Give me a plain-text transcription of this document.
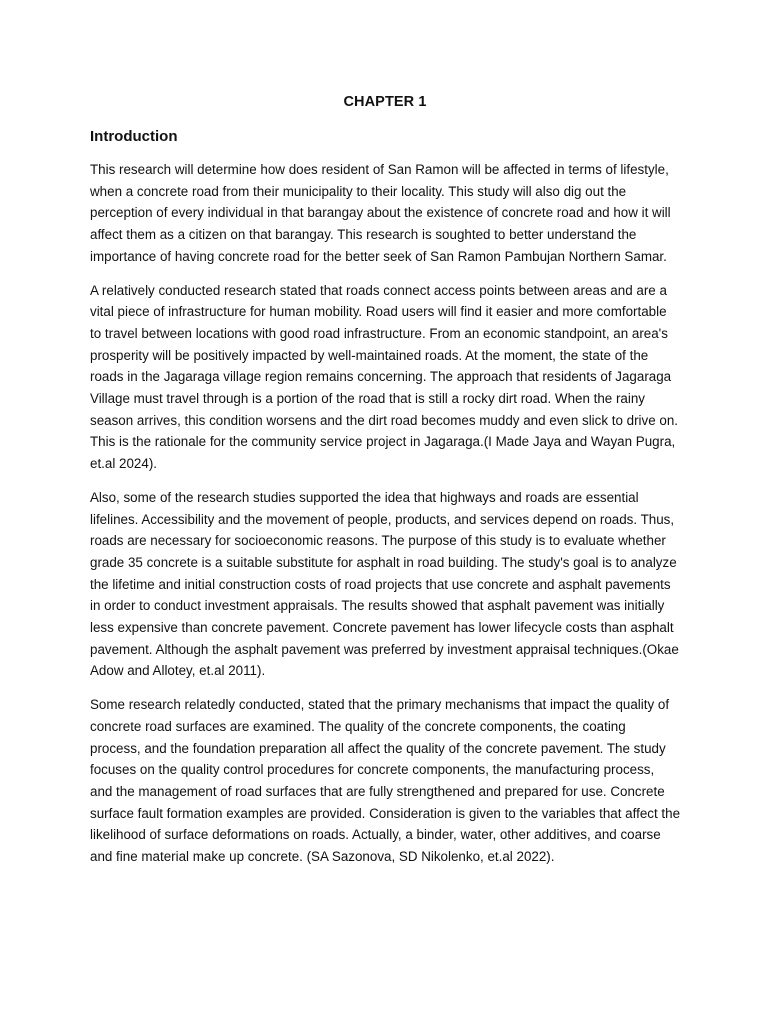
CHAPTER 1
Introduction

This research will determine how does resident of San Ramon will be affected in terms of lifestyle, when a concrete road from their municipality to their locality. This study will also dig out the perception of every individual in that barangay about the existence of concrete road and how it will affect them as a citizen on that barangay. This research is soughted to better understand the importance of having concrete road for the better seek of San Ramon Pambujan Northern Samar.

A relatively conducted research stated that roads connect access points between areas and are a vital piece of infrastructure for human mobility. Road users will find it easier and more comfortable to travel between locations with good road infrastructure. From an economic standpoint, an area's prosperity will be positively impacted by well-maintained roads. At the moment, the state of the roads in the Jagaraga village region remains concerning. The approach that residents of Jagaraga Village must travel through is a portion of the road that is still a rocky dirt road. When the rainy season arrives, this condition worsens and the dirt road becomes muddy and even slick to drive on. This is the rationale for the community service project in Jagaraga.(I Made Jaya and Wayan Pugra, et.al 2024).

Also, some of the research studies supported the idea that highways and roads are essential lifelines. Accessibility and the movement of people, products, and services depend on roads. Thus, roads are necessary for socioeconomic reasons. The purpose of this study is to evaluate whether grade 35 concrete is a suitable substitute for asphalt in road building. The study's goal is to analyze the lifetime and initial construction costs of road projects that use concrete and asphalt pavements in order to conduct investment appraisals. The results showed that asphalt pavement was initially less expensive than concrete pavement. Concrete pavement has lower lifecycle costs than asphalt pavement. Although the asphalt pavement was preferred by investment appraisal techniques.(Okae Adow and Allotey, et.al 2011).

Some research relatedly conducted, stated that the primary mechanisms that impact the quality of concrete road surfaces are examined. The quality of the concrete components, the coating process, and the foundation preparation all affect the quality of the concrete pavement. The study focuses on the quality control procedures for concrete components, the manufacturing process, and the management of road surfaces that are fully strengthened and prepared for use. Concrete surface fault formation examples are provided. Consideration is given to the variables that affect the likelihood of surface deformations on roads. Actually, a binder, water, other additives, and coarse and fine material make up concrete. (SA Sazonova, SD Nikolenko, et.al 2022).
